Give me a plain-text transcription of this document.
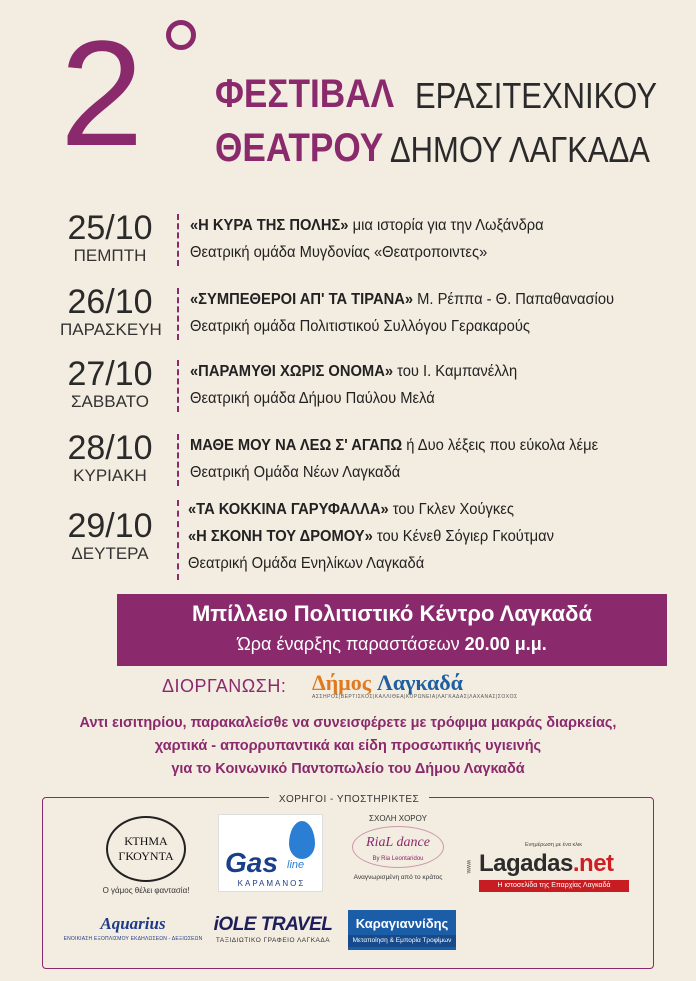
2 ΦΕΣΤΙΒΑΛ ΕΡΑΣΙΤΕΧΝΙΚΟΥ
ΘΕΑΤΡΟΥ ΔΗΜΟΥ ΛΑΓΚΑΔΑ
25/10
ΠΕΜΠΤΗ
«Η ΚΥΡΑ ΤΗΣ ΠΟΛΗΣ» μια ιστορία για την Λωξάνδρα
Θεατρική ομάδα Μυγδονίας «Θεατροποιντες»
26/10
ΠΑΡΑΣΚΕΥΗ
«ΣΥΜΠΕΘΕΡΟΙ ΑΠ' ΤΑ ΤΙΡΑΝΑ» Μ. Ρέππα - Θ. Παπαθανασίου
Θεατρική ομάδα Πολιτιστικού Συλλόγου Γερακαρούς
27/10
ΣΑΒΒΑΤΟ
«ΠΑΡΑΜΥΘΙ ΧΩΡΙΣ ΟΝΟΜΑ» του Ι. Καμπανέλλη
Θεατρική ομάδα Δήμου Παύλου Μελά
28/10
ΚΥΡΙΑΚΗ
ΜΑΘΕ ΜΟΥ ΝΑ ΛΕΩ Σ' ΑΓΑΠΩ ή Δυο λέξεις που εύκολα λέμε
Θεατρική Ομάδα Νέων Λαγκαδά
29/10
ΔΕΥΤΕΡΑ
«ΤΑ ΚΟΚΚΙΝΑ ΓΑΡΥΦΑΛΛΑ» του Γκλεν Χούγκες
«Η ΣΚΟΝΗ ΤΟΥ ΔΡΟΜΟΥ» του Κένεθ Σόγιερ Γκούτμαν
Θεατρική Ομάδα Ενηλίκων Λαγκαδά
Μπίλλειο Πολιτιστικό Κέντρο Λαγκαδά
Ώρα έναρξης παραστάσεων 20.00 μ.μ.
ΔΙΟΡΓΑΝΩΣΗ: Δήμος Λαγκαδά
ΑΣΣΗΡΟΣ|ΒΕΡΤΙΣΚΟΣ|ΚΑΛΛΙΘΕΑ|ΚΟΡΩΝΕΙΑ|ΛΑΓΚΑΔΑΣ|ΛΑΧΑΝΑΣ|ΣΟΧΟΣ
Αντι εισιτηρίου, παρακαλείσθε να συνεισφέρετε με τρόφιμα μακράς διαρκείας,
χαρτικά - απορρυπαντικά και είδη προσωπικής υγιεινής
για το Κοινωνικό Παντοπωλείο του Δήμου Λαγκαδά
ΧΟΡΗΓΟΙ - ΥΠΟΣΤΗΡΙΚΤΕΣ
ΚΤΗΜΑ ΓΚΟΥΝΤΑ
Ο γάμος θέλει φαντασία!
Gas line
ΚΑΡΑΜΑΝΟΣ
ΣΧΟΛΗ ΧΟΡΟΥ
RiaL dance
By Ria Leontaridou
Αναγνωρισμένη από το κράτος
Ενημέρωση με ένα κλικ
www. Lagadas.net
Η ιστοσελίδα της Επαρχίας Λαγκαδά
Aquarius
ΕΝΟΙΚΙΑΣΗ ΕΞΟΠΛΙΣΜΟΥ ΕΚΔΗΛΩΣΕΩΝ - ΔΕΞΙΩΣΕΩΝ
iOLE TRAVEL
ΤΑΞΙΔΙΩΤΙΚΟ ΓΡΑΦΕΙΟ ΛΑΓΚΑΔΑ
Καραγιαννίδης
Μεταποίηση & Εμπορία Τροφίμων
